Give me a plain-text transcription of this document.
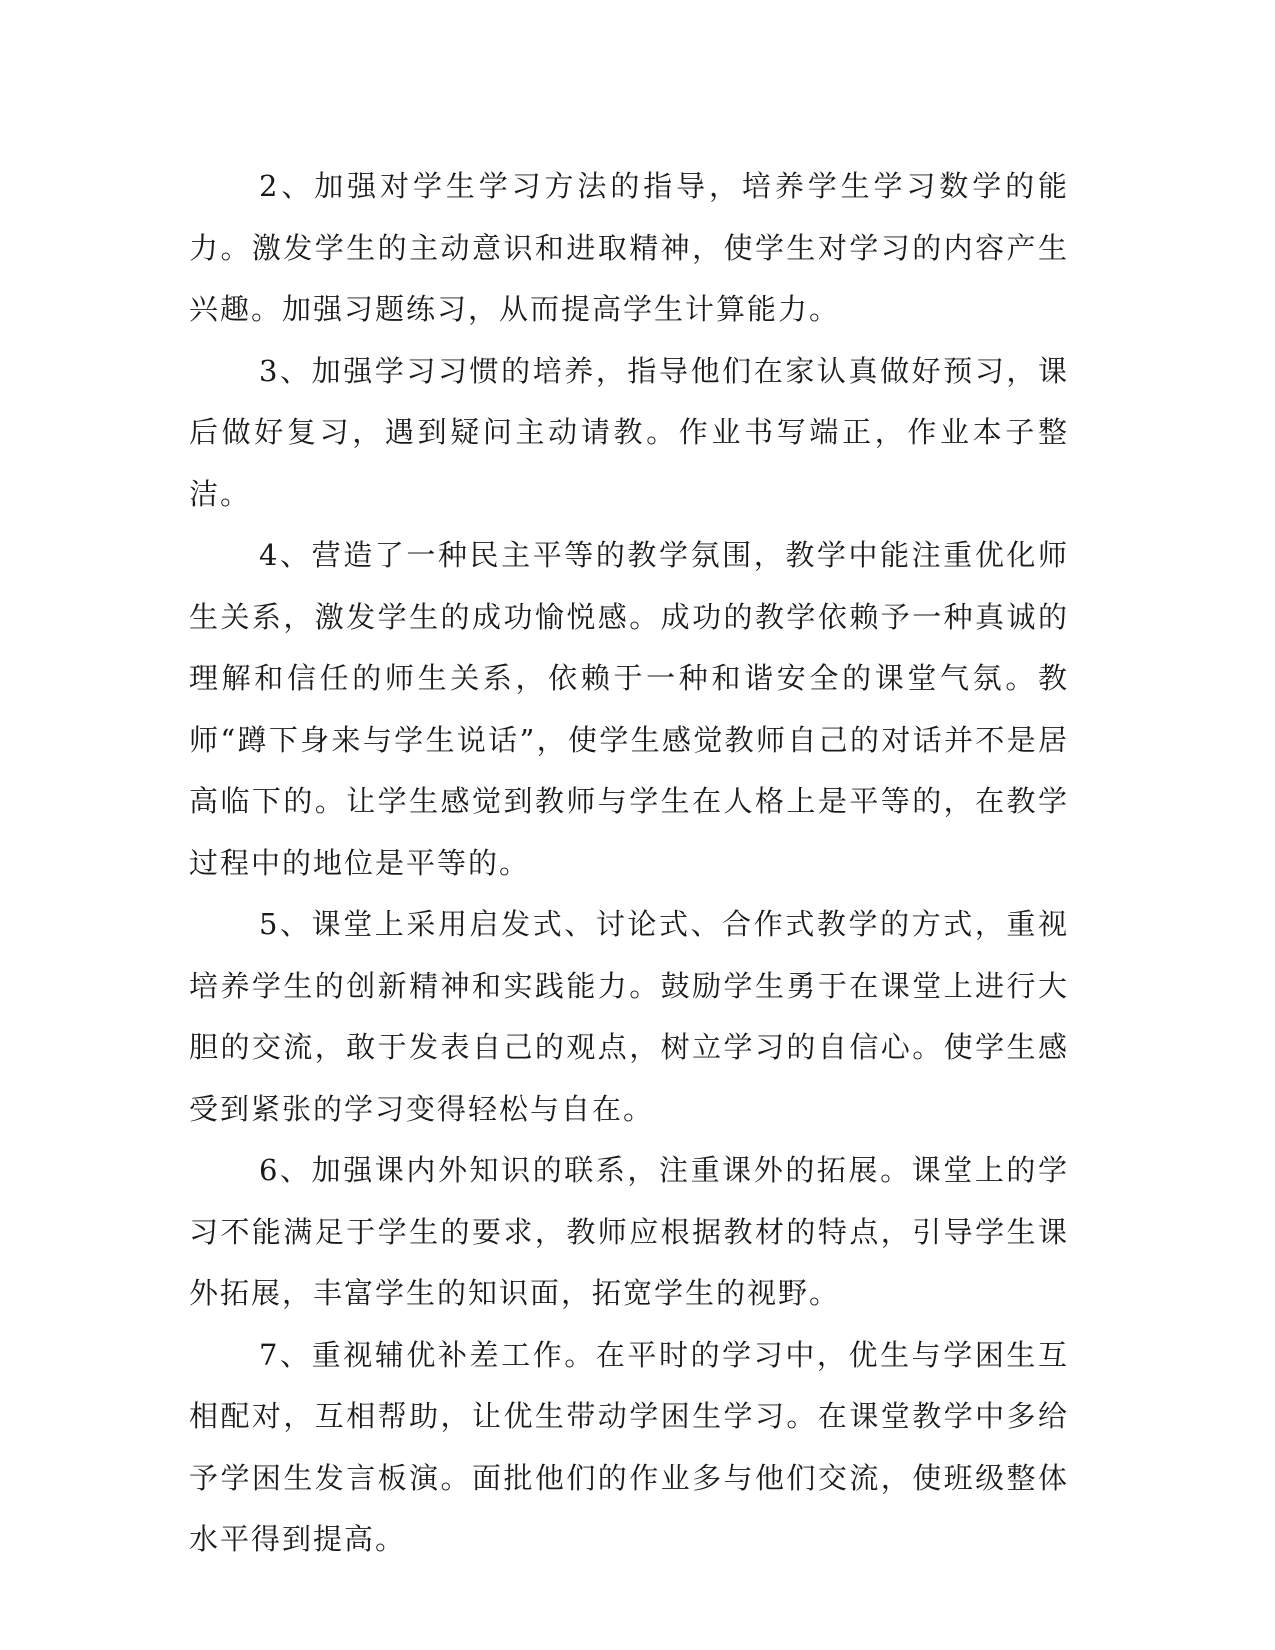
2、加强对学生学习方法的指导，培养学生学习数学的能力。激发学生的主动意识和进取精神，使学生对学习的内容产生兴趣。加强习题练习，从而提高学生计算能力。

3、加强学习习惯的培养，指导他们在家认真做好预习，课后做好复习，遇到疑问主动请教。作业书写端正，作业本子整洁。

4、营造了一种民主平等的教学氛围，教学中能注重优化师生关系，激发学生的成功愉悦感。成功的教学依赖予一种真诚的理解和信任的师生关系，依赖于一种和谐安全的课堂气氛。教师“蹲下身来与学生说话”，使学生感觉教师自己的对话并不是居高临下的。让学生感觉到教师与学生在人格上是平等的，在教学过程中的地位是平等的。

5、课堂上采用启发式、讨论式、合作式教学的方式，重视培养学生的创新精神和实践能力。鼓励学生勇于在课堂上进行大胆的交流，敢于发表自己的观点，树立学习的自信心。使学生感受到紧张的学习变得轻松与自在。

6、加强课内外知识的联系，注重课外的拓展。课堂上的学习不能满足于学生的要求，教师应根据教材的特点，引导学生课外拓展，丰富学生的知识面，拓宽学生的视野。

7、重视辅优补差工作。在平时的学习中，优生与学困生互相配对，互相帮助，让优生带动学困生学习。在课堂教学中多给予学困生发言板演。面批他们的作业多与他们交流，使班级整体水平得到提高。
